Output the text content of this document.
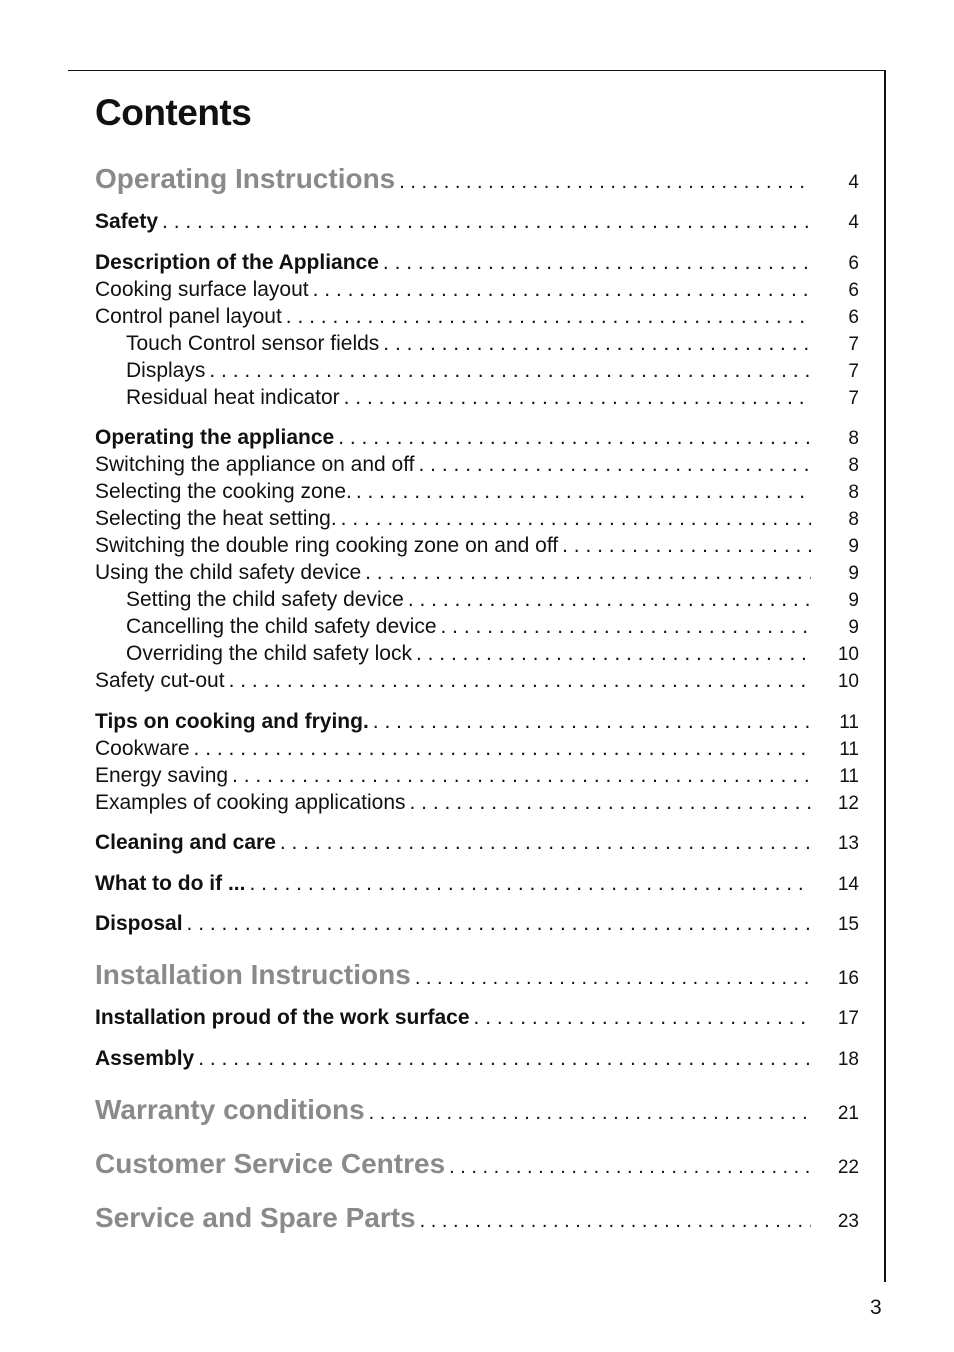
Contents
Operating Instructions . . .	4
Safety . . .	4
Description of the Appliance . . .	6
Cooking surface layout . . .	6
Control panel layout . . .	6
Touch Control sensor fields . . .	7
Displays . . .	7
Residual heat indicator . . .	7
Operating the appliance . . .	8
Switching the appliance on and off . . .	8
Selecting the cooking zone. . . .	8
Selecting the heat setting. . . .	8
Switching the double ring cooking zone on and off . . .	9
Using the child safety device . . .	9
Setting the child safety device . . .	9
Cancelling the child safety device . . .	9
Overriding the child safety lock . . .	10
Safety cut-out . . .	10
Tips on cooking and frying. . . .	11
Cookware . . .	11
Energy saving . . .	11
Examples of cooking applications . . .	12
Cleaning and care . . .	13
What to do if ... . . .	14
Disposal . . .	15
Installation Instructions . . .	16
Installation proud of the work surface . . .	17
Assembly . . .	18
Warranty conditions . . .	21
Customer Service Centres . . .	22
Service and Spare Parts . . .	23
3
